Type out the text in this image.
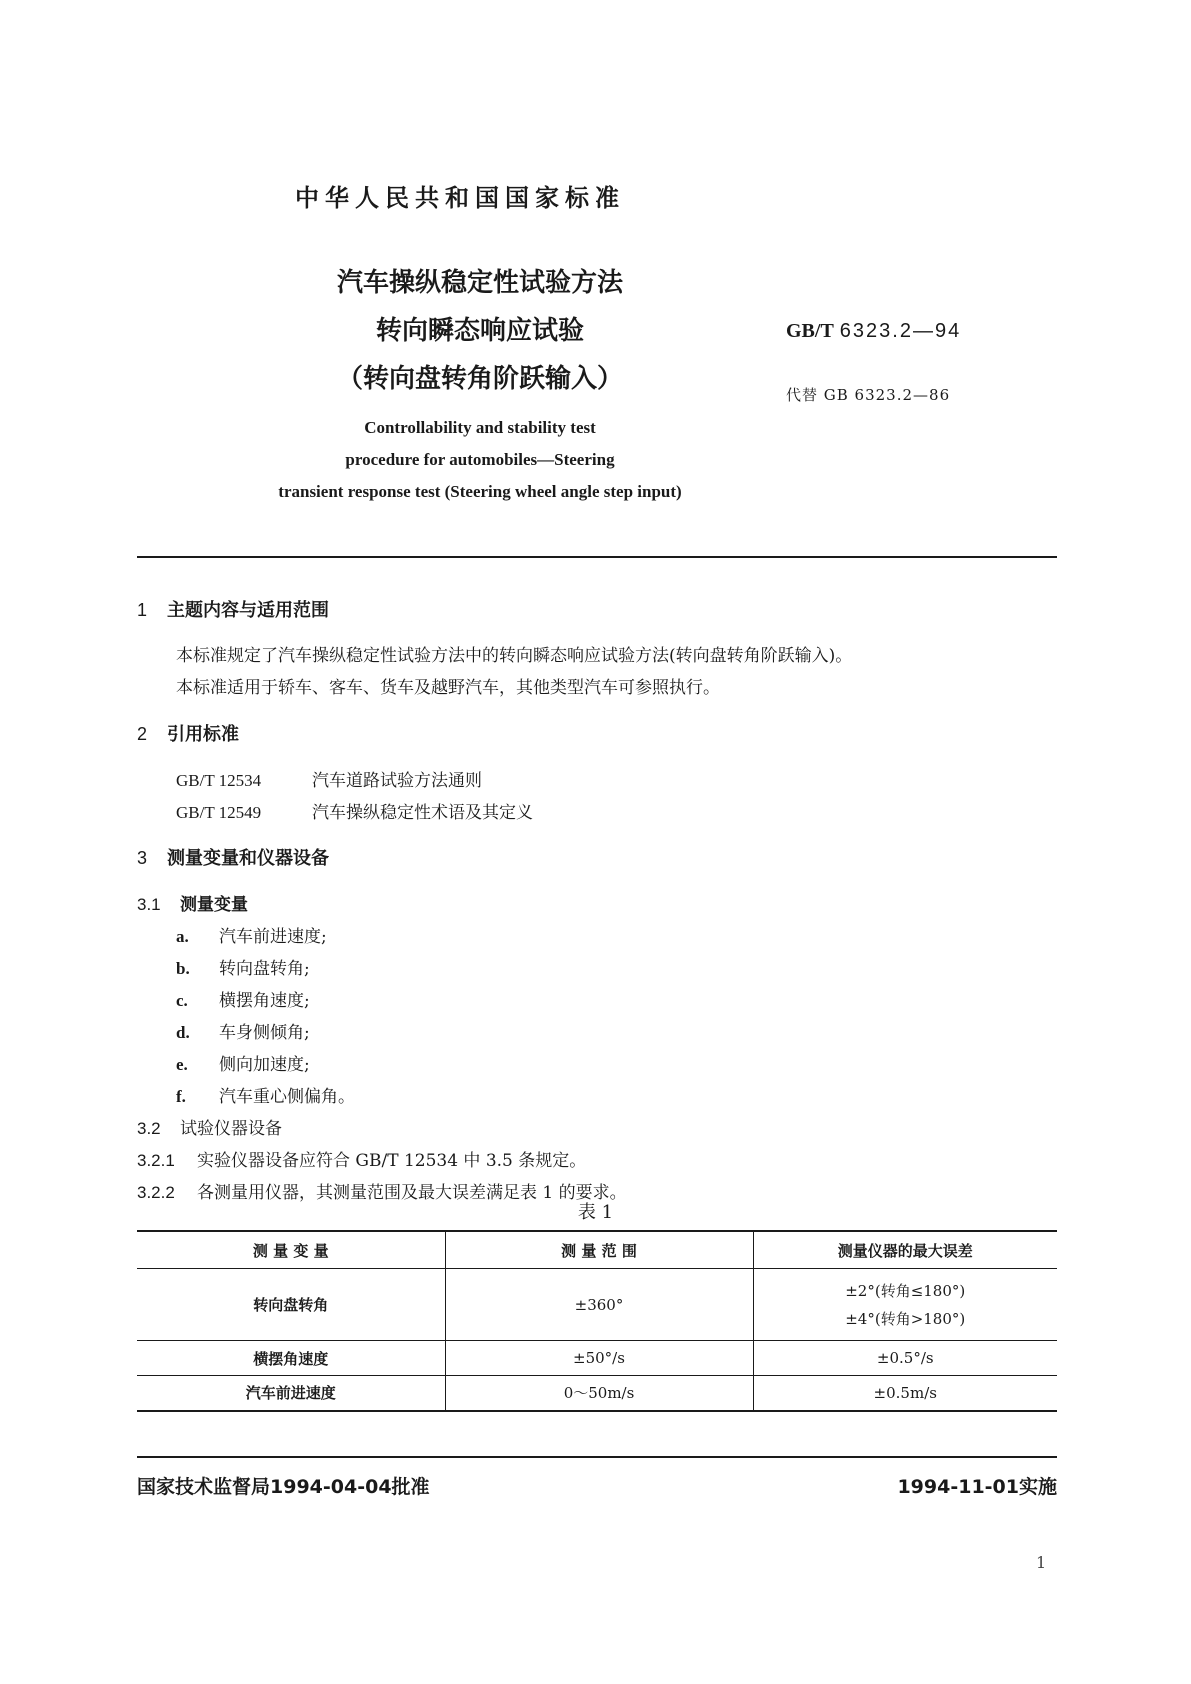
中华人民共和国国家标准
汽车操纵稳定性试验方法
转向瞬态响应试验
（转向盘转角阶跃输入）
GB/T 6323.2—94
代替 GB 6323.2—86
Controllability and stability test
procedure for automobiles—Steering
transient response test (Steering wheel angle step input)
1 主题内容与适用范围
本标准规定了汽车操纵稳定性试验方法中的转向瞬态响应试验方法(转向盘转角阶跃输入)。
本标准适用于轿车、客车、货车及越野汽车，其他类型汽车可参照执行。
2 引用标准
GB/T 12534	汽车道路试验方法通则
GB/T 12549	汽车操纵稳定性术语及其定义
3 测量变量和仪器设备
3.1 测量变量
a. 汽车前进速度;
b. 转向盘转角;
c. 横摆角速度;
d. 车身侧倾角;
e. 侧向加速度;
f. 汽车重心侧偏角。
3.2 试验仪器设备
3.2.1 实验仪器设备应符合 GB/T 12534 中 3.5 条规定。
3.2.2 各测量用仪器，其测量范围及最大误差满足表 1 的要求。
表 1
测 量 变 量	测 量 范 围	测量仪器的最大误差
转向盘转角	±360°	±2°(转角≤180°)
±4°(转角>180°)

横摆角速度	±50°/s	±0.5°/s
汽车前进速度	0～50m/s	±0.5m/s
国家技术监督局1994-04-04批准	1994-11-01实施
1
